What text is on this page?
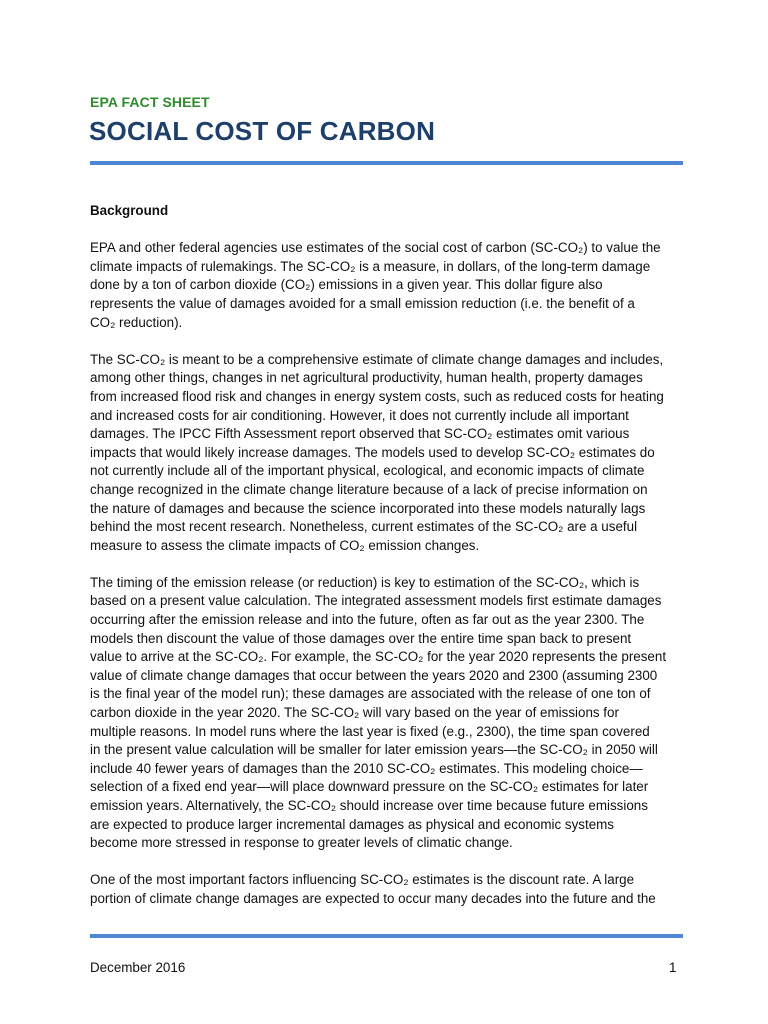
EPA FACT SHEET
SOCIAL COST OF CARBON
Background
EPA and other federal agencies use estimates of the social cost of carbon (SC-CO₂) to value the
climate impacts of rulemakings. The SC-CO₂ is a measure, in dollars, of the long-term damage
done by a ton of carbon dioxide (CO₂) emissions in a given year. This dollar figure also
represents the value of damages avoided for a small emission reduction (i.e. the benefit of a
CO₂ reduction).
The SC-CO₂ is meant to be a comprehensive estimate of climate change damages and includes,
among other things, changes in net agricultural productivity, human health, property damages
from increased flood risk and changes in energy system costs, such as reduced costs for heating
and increased costs for air conditioning. However, it does not currently include all important
damages. The IPCC Fifth Assessment report observed that SC-CO₂ estimates omit various
impacts that would likely increase damages. The models used to develop SC-CO₂ estimates do
not currently include all of the important physical, ecological, and economic impacts of climate
change recognized in the climate change literature because of a lack of precise information on
the nature of damages and because the science incorporated into these models naturally lags
behind the most recent research. Nonetheless, current estimates of the SC-CO₂ are a useful
measure to assess the climate impacts of CO₂ emission changes.
The timing of the emission release (or reduction) is key to estimation of the SC-CO₂, which is
based on a present value calculation. The integrated assessment models first estimate damages
occurring after the emission release and into the future, often as far out as the year 2300. The
models then discount the value of those damages over the entire time span back to present
value to arrive at the SC-CO₂. For example, the SC-CO₂ for the year 2020 represents the present
value of climate change damages that occur between the years 2020 and 2300 (assuming 2300
is the final year of the model run); these damages are associated with the release of one ton of
carbon dioxide in the year 2020. The SC-CO₂ will vary based on the year of emissions for
multiple reasons. In model runs where the last year is fixed (e.g., 2300), the time span covered
in the present value calculation will be smaller for later emission years—the SC-CO₂ in 2050 will
include 40 fewer years of damages than the 2010 SC-CO₂ estimates. This modeling choice—
selection of a fixed end year—will place downward pressure on the SC-CO₂ estimates for later
emission years. Alternatively, the SC-CO₂ should increase over time because future emissions
are expected to produce larger incremental damages as physical and economic systems
become more stressed in response to greater levels of climatic change.
One of the most important factors influencing SC-CO₂ estimates is the discount rate. A large
portion of climate change damages are expected to occur many decades into the future and the
December 2016	1
